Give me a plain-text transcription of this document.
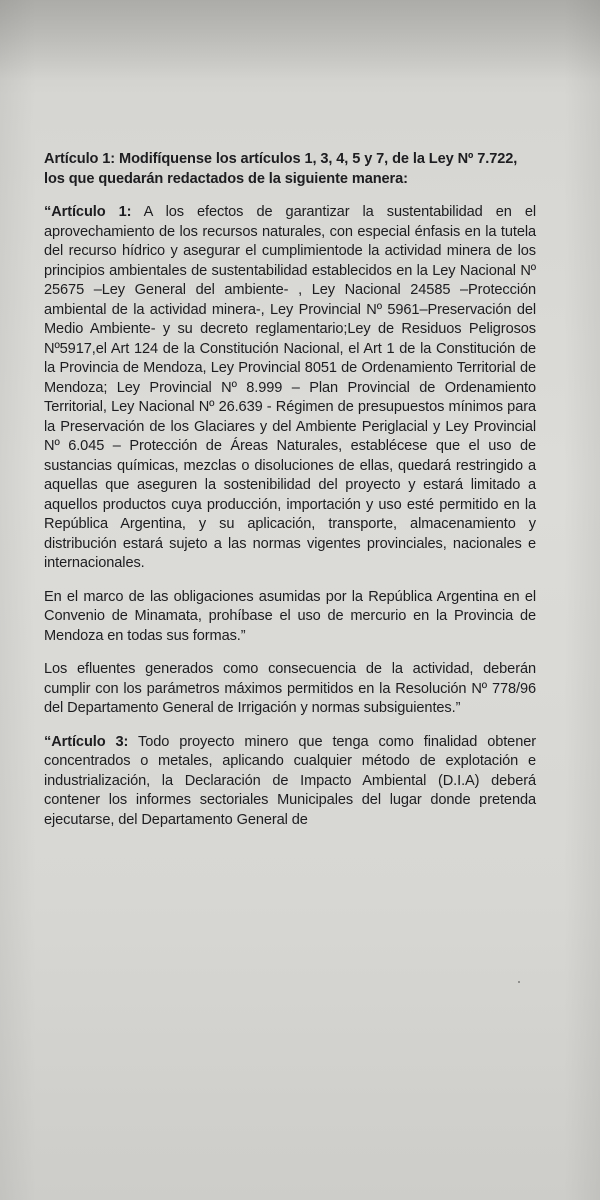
Artículo 1: Modifíquense los artículos 1, 3, 4, 5 y 7, de la Ley Nº 7.722, los que quedarán redactados de la siguiente manera:

“Artículo 1: A los efectos de garantizar la sustentabilidad en el aprovechamiento de los recursos naturales, con especial énfasis en la tutela del recurso hídrico y asegurar el cumplimientode la actividad minera de los principios ambientales de sustentabilidad establecidos en la Ley Nacional Nº 25675 –Ley General del ambiente- , Ley Nacional 24585 –Protección ambiental de la actividad minera-, Ley Provincial Nº 5961–Preservación del Medio Ambiente- y su decreto reglamentario;Ley de Residuos Peligrosos Nº5917,el Art 124 de la Constitución Nacional, el Art 1 de la Constitución de la Provincia de Mendoza, Ley Provincial 8051 de Ordenamiento Territorial de Mendoza; Ley Provincial Nº 8.999 – Plan Provincial de Ordenamiento Territorial, Ley Nacional Nº 26.639 - Régimen de presupuestos mínimos para la Preservación de los Glaciares y del Ambiente Periglacial y Ley Provincial Nº 6.045 – Protección de Áreas Naturales, establécese que el uso de sustancias químicas, mezclas o disoluciones de ellas, quedará restringido a aquellas que aseguren la sostenibilidad del proyecto y estará limitado a aquellos productos cuya producción, importación y uso esté permitido en la República Argentina, y su aplicación, transporte, almacenamiento y distribución estará sujeto a las normas vigentes provinciales, nacionales e internacionales.

En el marco de las obligaciones asumidas por la República Argentina en el Convenio de Minamata, prohíbase el uso de mercurio en la Provincia de Mendoza en todas sus formas.”

Los efluentes generados como consecuencia de la actividad, deberán cumplir con los parámetros máximos permitidos en la Resolución Nº 778/96 del Departamento General de Irrigación y normas subsiguientes.”

“Artículo 3: Todo proyecto minero que tenga como finalidad obtener concentrados o metales, aplicando cualquier método de explotación e industrialización, la Declaración de Impacto Ambiental (D.I.A) deberá contener los informes sectoriales Municipales del lugar donde pretenda ejecutarse, del Departamento General de
